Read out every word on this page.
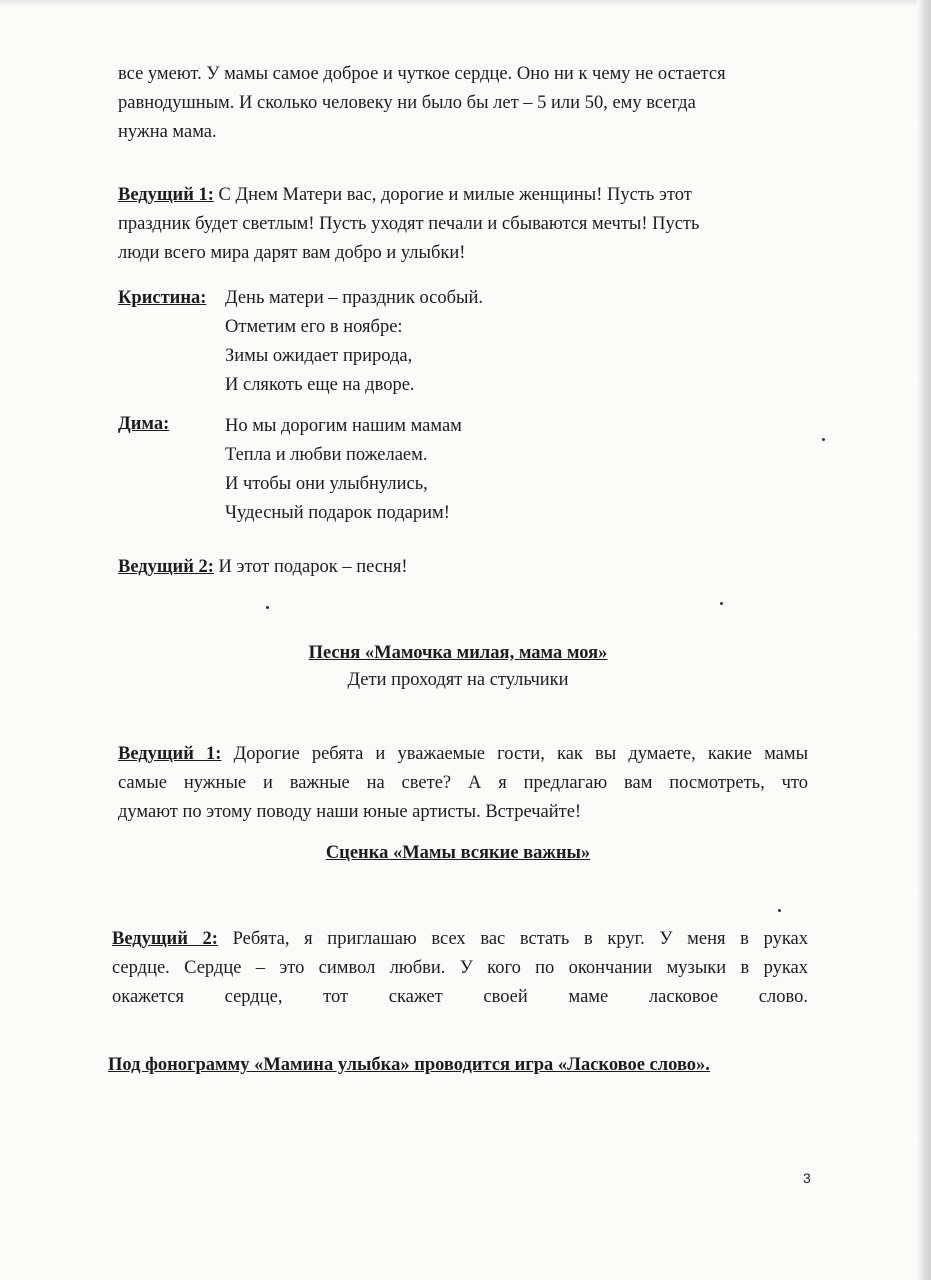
все умеют. У мамы самое доброе и чуткое сердце. Оно ни к чему не остается
равнодушным. И сколько человеку ни было бы лет – 5 или 50, ему всегда
нужна мама.
Ведущий 1: С Днем Матери вас, дорогие и милые женщины! Пусть этот
праздник будет светлым! Пусть уходят печали и сбываются мечты! Пусть
люди всего мира дарят вам добро и улыбки!
Кристина: День матери – праздник особый.
Отметим его в ноябре:
Зимы ожидает природа,
И слякоть еще на дворе.
Дима:	Но мы дорогим нашим мамам
Тепла и любви пожелаем.
И чтобы они улыбнулись,
Чудесный подарок подарим!
Ведущий 2: И этот подарок – песня!
Песня «Мамочка милая, мама моя»
Дети проходят на стульчики
Ведущий 1: Дорогие ребята и уважаемые гости, как вы думаете, какие мамы
самые нужные и важные на свете? А я предлагаю вам посмотреть, что
думают по этому поводу наши юные артисты. Встречайте!
Сценка «Мамы всякие важны»
Ведущий 2: Ребята, я приглашаю всех вас встать в круг. У меня в руках
сердце. Сердце – это символ любви. У кого по окончании музыки в руках
окажется сердце, тот скажет своей маме ласковое слово.
Под фонограмму «Мамина улыбка» проводится игра «Ласковое слово».
3
